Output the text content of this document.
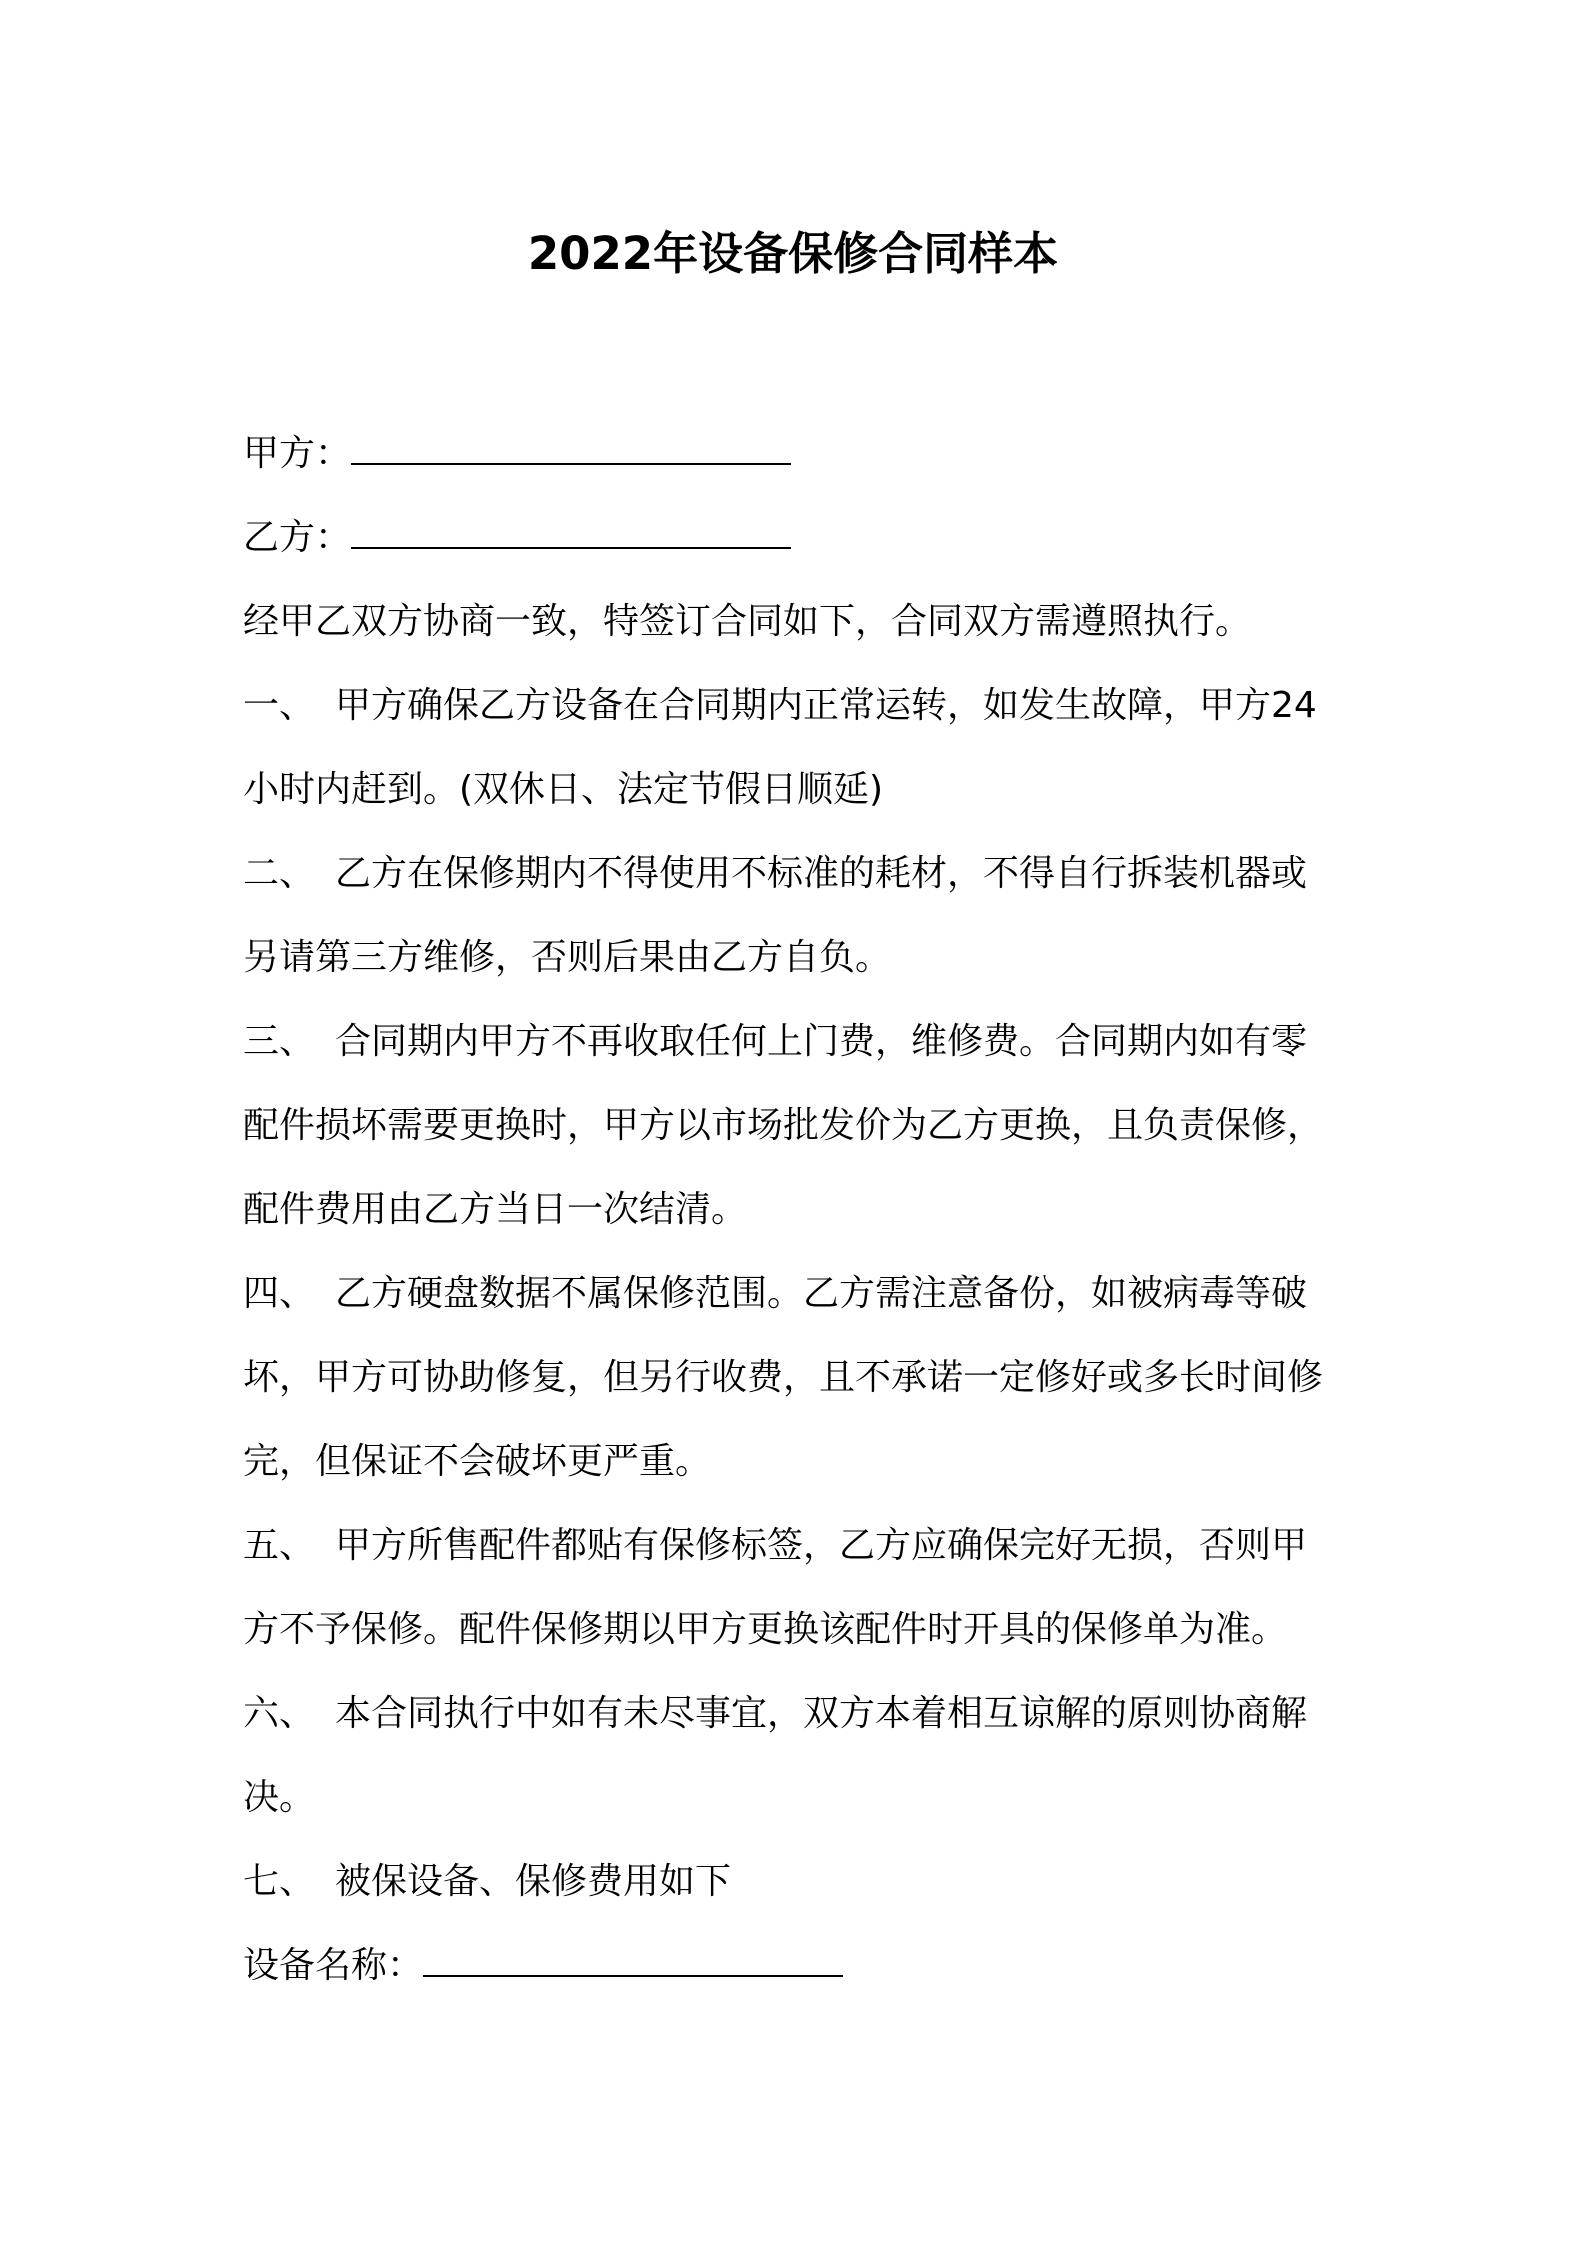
2022年设备保修合同样本
甲方：
乙方：
经甲乙双方协商一致，特签订合同如下，合同双方需遵照执行。
一、 甲方确保乙方设备在合同期内正常运转，如发生故障，甲方24
小时内赶到。(双休日、法定节假日顺延)
二、 乙方在保修期内不得使用不标准的耗材，不得自行拆装机器或
另请第三方维修，否则后果由乙方自负。
三、 合同期内甲方不再收取任何上门费，维修费。合同期内如有零
配件损坏需要更换时，甲方以市场批发价为乙方更换，且负责保修，
配件费用由乙方当日一次结清。
四、 乙方硬盘数据不属保修范围。乙方需注意备份，如被病毒等破
坏，甲方可协助修复，但另行收费，且不承诺一定修好或多长时间修
完，但保证不会破坏更严重。
五、 甲方所售配件都贴有保修标签，乙方应确保完好无损，否则甲
方不予保修。配件保修期以甲方更换该配件时开具的保修单为准。
六、 本合同执行中如有未尽事宜，双方本着相互谅解的原则协商解
决。
七、 被保设备、保修费用如下
设备名称：
